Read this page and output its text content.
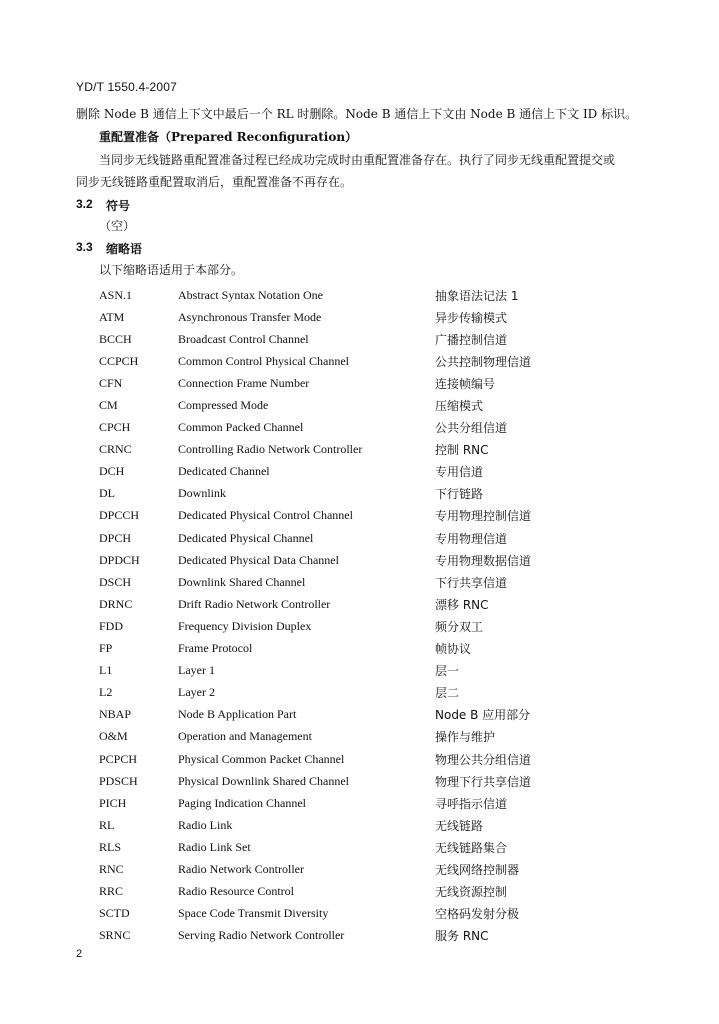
YD/T 1550.4-2007
删除 Node B 通信上下文中最后一个 RL 时删除。Node B 通信上下文由 Node B 通信上下文 ID 标识。
重配置准备（Prepared Reconfiguration）
当同步无线链路重配置准备过程已经成功完成时由重配置准备存在。执行了同步无线重配置提交或
同步无线链路重配置取消后，重配置准备不再存在。
3.2 符号
（空）
3.3 缩略语
以下缩略语适用于本部分。
ASN.1	Abstract Syntax Notation One	抽象语法记法 1
ATM	Asynchronous Transfer Mode	异步传输模式
BCCH	Broadcast Control Channel	广播控制信道
CCPCH	Common Control Physical Channel	公共控制物理信道
CFN	Connection Frame Number	连接帧编号
CM	Compressed Mode	压缩模式
CPCH	Common Packed Channel	公共分组信道
CRNC	Controlling Radio Network Controller	控制 RNC
DCH	Dedicated Channel	专用信道
DL	Downlink	下行链路
DPCCH	Dedicated Physical Control Channel	专用物理控制信道
DPCH	Dedicated Physical Channel	专用物理信道
DPDCH	Dedicated Physical Data Channel	专用物理数据信道
DSCH	Downlink Shared Channel	下行共享信道
DRNC	Drift Radio Network Controller	漂移 RNC
FDD	Frequency Division Duplex	频分双工
FP	Frame Protocol	帧协议
L1	Layer 1	层一
L2	Layer 2	层二
NBAP	Node B Application Part	Node B 应用部分
O&M	Operation and Management	操作与维护
PCPCH	Physical Common Packet Channel	物理公共分组信道
PDSCH	Physical Downlink Shared Channel	物理下行共享信道
PICH	Paging Indication Channel	寻呼指示信道
RL	Radio Link	无线链路
RLS	Radio Link Set	无线链路集合
RNC	Radio Network Controller	无线网络控制器
RRC	Radio Resource Control	无线资源控制
SCTD	Space Code Transmit Diversity	空格码发射分极
SRNC	Serving Radio Network Controller	服务 RNC
2
